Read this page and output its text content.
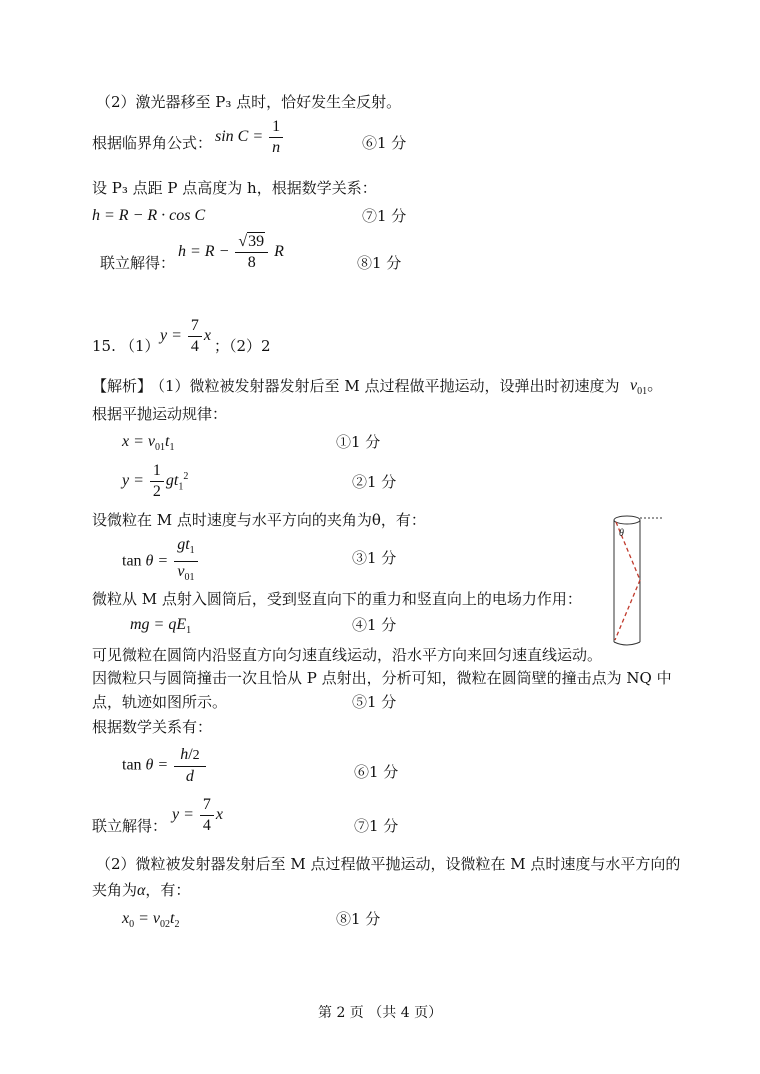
（2）激光器移至 P₃ 点时，恰好发生全反射。
根据临界角公式： $\sin C = \frac{1}{n}$	⑥1 分
设 P₃ 点距 P 点高度为 h，根据数学关系：
h = R − R · cos C	⑦1 分
联立解得：
$h = R - \frac{√39}{8}$ R
⑧1 分
15. （1）
$y = \frac{7}{4}$ x
；（2）2
【解析】
（1）微粒被发射器发射后至 M 点过程做平抛运动，设弹出时初速度为 $v_{01}$。
根据平抛运动规律：
$x = v_{01}t_1$	①1 分
$y = \frac{1}{2} gt_1^2$	②1 分
设微粒在 M 点时速度与水平方向的夹角为θ，有：
$\tan \theta = \frac{gt_1}{v_{01}}$	③1 分
微粒从 M 点射入圆筒后，受到竖直向下的重力和竖直向上的电场力作用：
mg = $qE_1$	④1 分
可见微粒在圆筒内沿竖直方向匀速直线运动，沿水平方向来回匀速直线运动。
因微粒只与圆筒撞击一次且恰从 P 点射出，分析可知，微粒在圆筒壁的撞击点为 NQ 中
点，轨迹如图所示。	⑤1 分
根据数学关系有：
$\tan \theta = \frac{h/2}{d}$	⑥1 分
联立解得：
$y = \frac{7}{4}$ x
⑦1 分
（2）微粒被发射器发射后至 M 点过程做平抛运动，设微粒在 M 点时速度与水平方向的
夹角为α，有：
$x_0 = v_{02}t_2$	⑧1 分
θ
第 2 页 （共 4 页）
